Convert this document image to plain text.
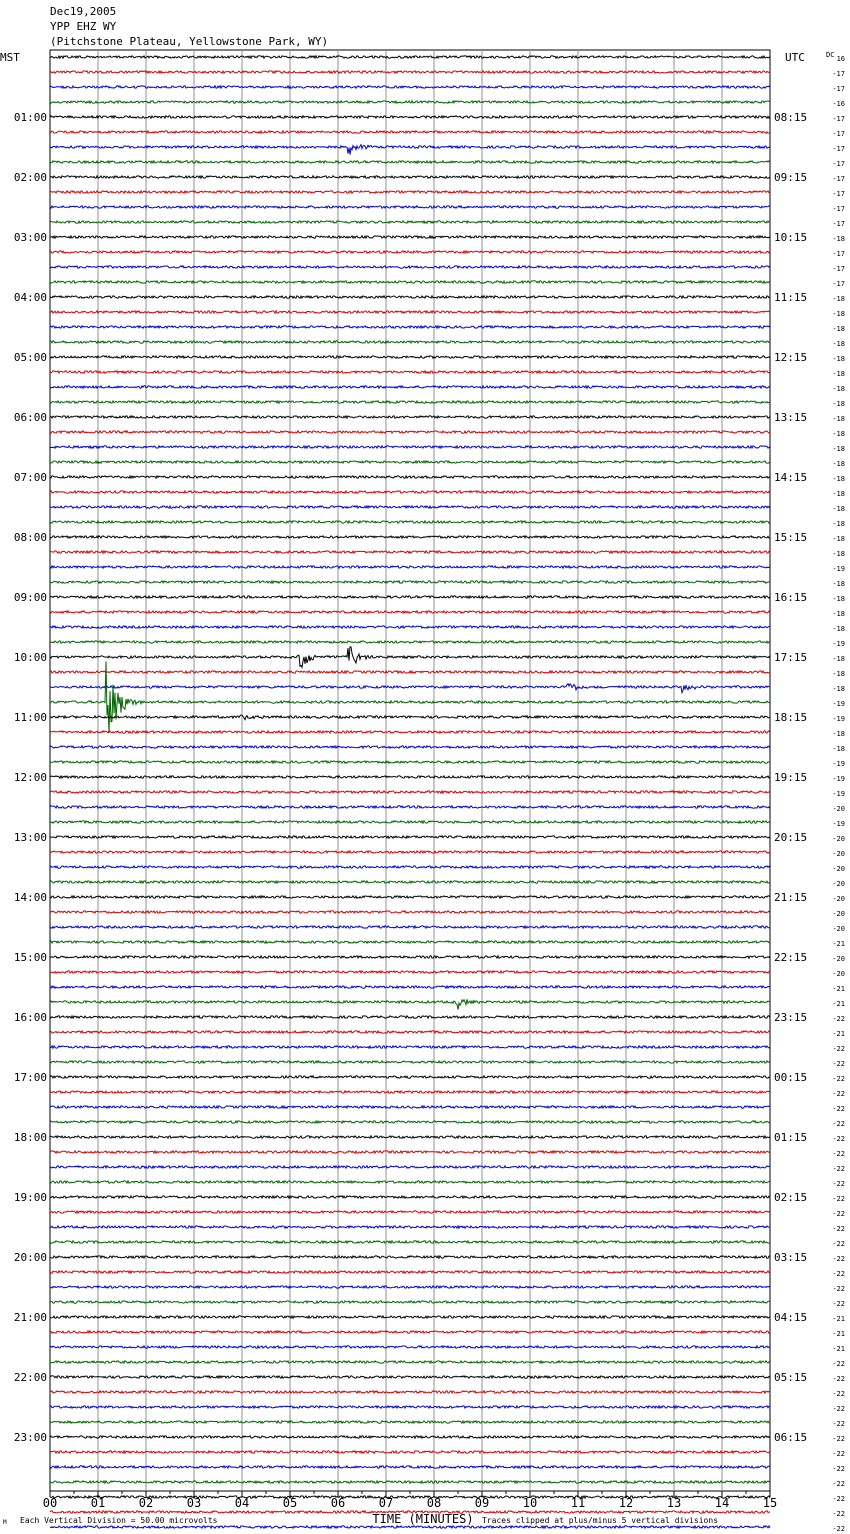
Dec19,2005
YPP EHZ WY
(Pitchstone Plateau, Yellowstone Park, WY)
00	01	02	03	04	05	06	07	08	09	10	11	12	13	14	15
16
-17
-17
-16
-17
-17
-17
-17
-17
-17
-17
-17
-18
-17
-17
-17
-18
-18
-18
-18
-18
-18
-18
-18
-18
-18
-18
-18
-18
-18
-18
-18
-18
-18
-19
-18
-18
-18
-18
-19
-18
-18
-18
-19
-19
-18
-18
-19
-19
-19
-20
-19
-20
-20
-20
-20
-20
-20
-20
-21
-20
-20
-21
-21
-22
-21
-22
-22
-22
-22
-22
-22
-22
-22
-22
-22
-22
-22
-22
-22
-22
-22
-22
-22
-21
-21
-21
-22
-22
-22
-22
-22
-22
-22
-22
-22
-22
-22
-22
MST	UTC	DC
01:00
02:00
03:00
04:00
05:00
06:00
07:00
08:00
09:00
10:00
11:00
12:00
13:00
14:00
15:00
16:00
17:00
18:00
19:00
20:00
21:00
22:00
23:00
08:15
09:15
10:15
11:15
12:15
13:15
14:15
15:15
16:15
17:15
18:15
19:15
20:15
21:15
22:15
23:15
00:15
01:15
02:15
03:15
04:15
05:15
06:15
TIME (MINUTES)
Each Vertical Division = 50.00 microvolts	Traces clipped at plus/minus 5 vertical divisions
M
